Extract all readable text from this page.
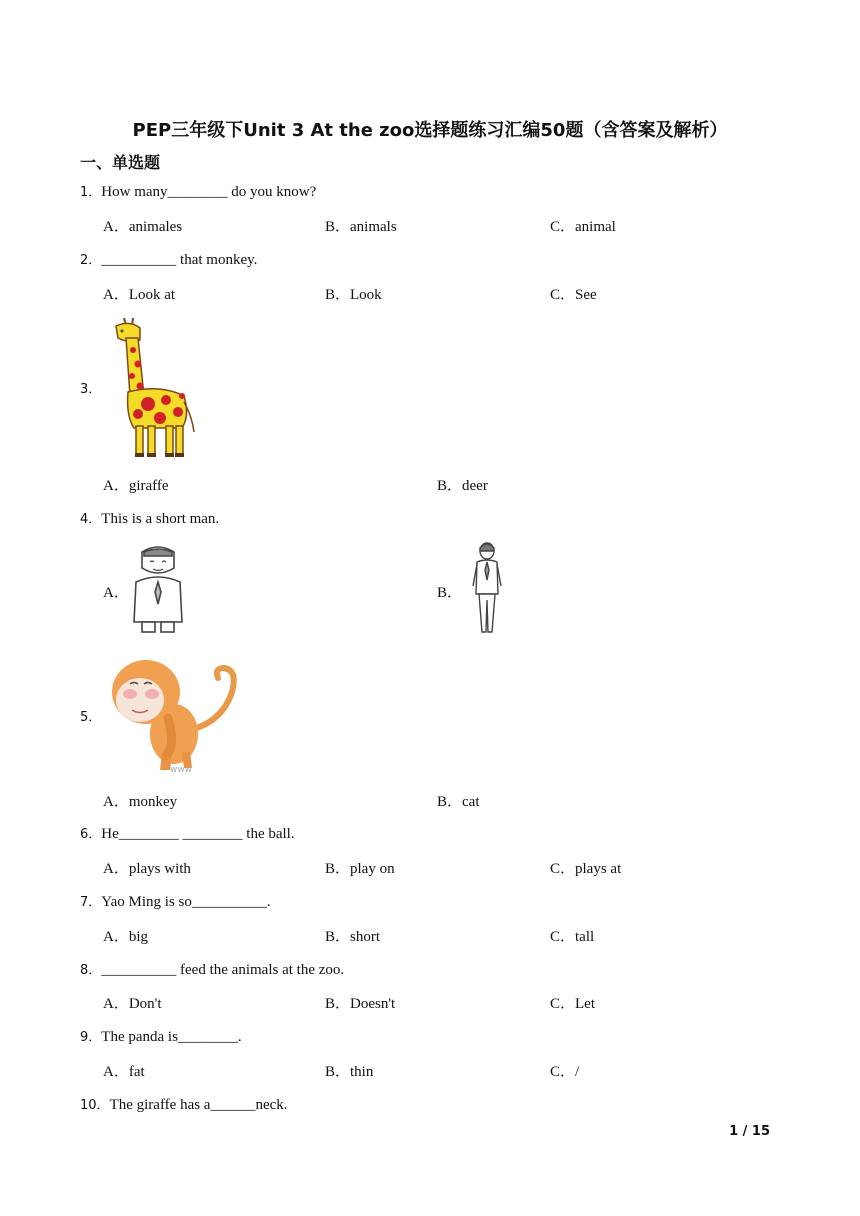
PEP三年级下Unit 3 At the zoo选择题练习汇编50题（含答案及解析）
一、单选题
1．How many________ do you know?
A．animales	B．animals	C．animal
2．__________ that monkey.
A．Look at	B．Look	C．See
3．
A．giraffe	B．deer
4．This is a short man.
A．	B．
5．
www
A．monkey	B．cat
6．He________ ________ the ball.
A．plays with	B．play on	C．plays at
7．Yao Ming is so__________.
A．big	B．short	C．tall
8．__________ feed the animals at the zoo.
A．Don't	B．Doesn't	C．Let
9．The panda is________.
A．fat	B．thin	C．/
10．The giraffe has a______neck.
1 / 15
